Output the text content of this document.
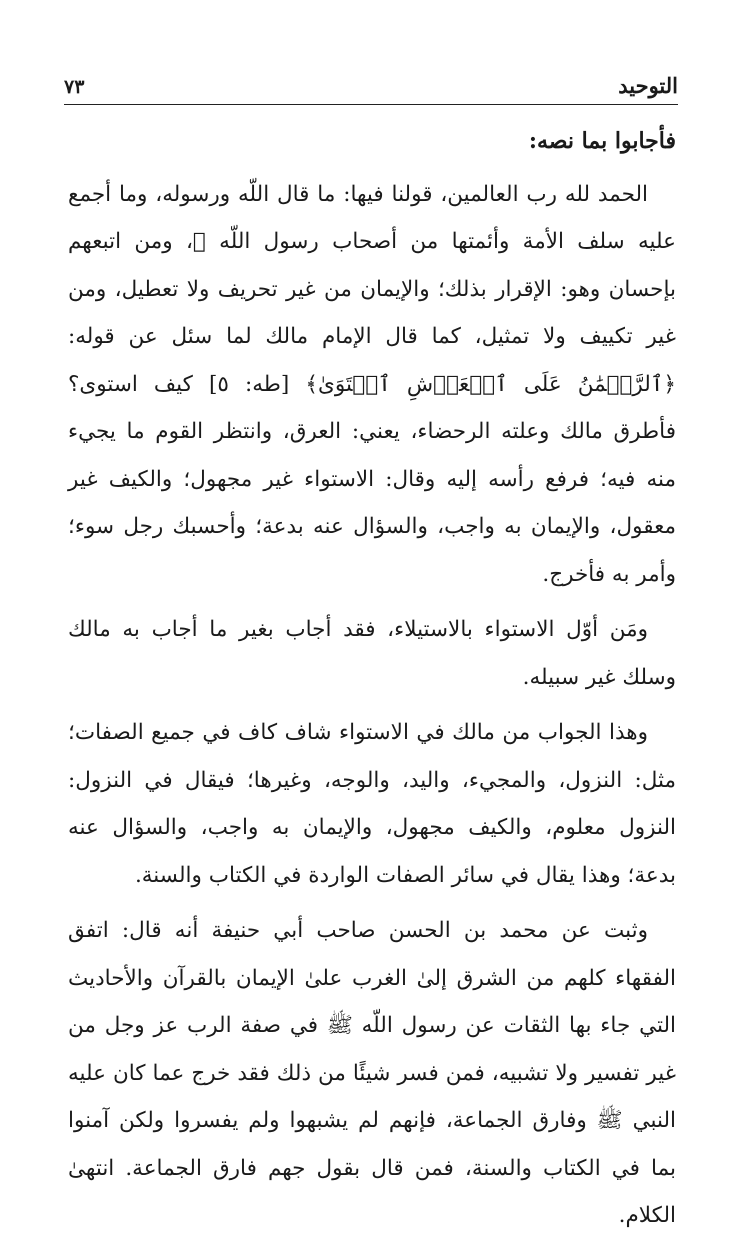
التوحيد
٧٣

فأجابوا بما نصه:

الحمد لله رب العالمين، قولنا فيها: ما قال اللّه ورسوله، وما أجمع عليه سلف الأمة وأئمتها من أصحاب رسول اللّه ﷺ، ومن اتبعهم بإحسان وهو: الإقرار بذلك؛ والإيمان من غير تحريف ولا تعطيل، ومن غير تكييف ولا تمثيل، كما قال الإمام مالك لما سئل عن قوله: ﴿ٱلرَّحۡمَٰنُ عَلَى ٱلۡعَرۡشِ ٱسۡتَوَىٰ﴾ [طه: ٥] كيف استوى؟ فأطرق مالك وعلته الرحضاء، يعني: العرق، وانتظر القوم ما يجيء منه فيه؛ فرفع رأسه إليه وقال: الاستواء غير مجهول؛ والكيف غير معقول، والإيمان به واجب، والسؤال عنه بدعة؛ وأحسبك رجل سوء؛ وأمر به فأخرج.

ومَن أوّل الاستواء بالاستيلاء، فقد أجاب بغير ما أجاب به مالك وسلك غير سبيله.

وهذا الجواب من مالك في الاستواء شاف كاف في جميع الصفات؛ مثل: النزول، والمجيء، واليد، والوجه، وغيرها؛ فيقال في النزول: النزول معلوم، والكيف مجهول، والإيمان به واجب، والسؤال عنه بدعة؛ وهذا يقال في سائر الصفات الواردة في الكتاب والسنة.

وثبت عن محمد بن الحسن صاحب أبي حنيفة أنه قال: اتفق الفقهاء كلهم من الشرق إلىٰ الغرب علىٰ الإيمان بالقرآن والأحاديث التي جاء بها الثقات عن رسول اللّه ﷺ في صفة الرب عز وجل من غير تفسير ولا تشبيه، فمن فسر شيئًا من ذلك فقد خرج عما كان عليه النبي ﷺ وفارق الجماعة، فإنهم لم يشبهوا ولم يفسروا ولكن آمنوا بما في الكتاب والسنة، فمن قال بقول جهم فارق الجماعة. انتهىٰ الكلام.
